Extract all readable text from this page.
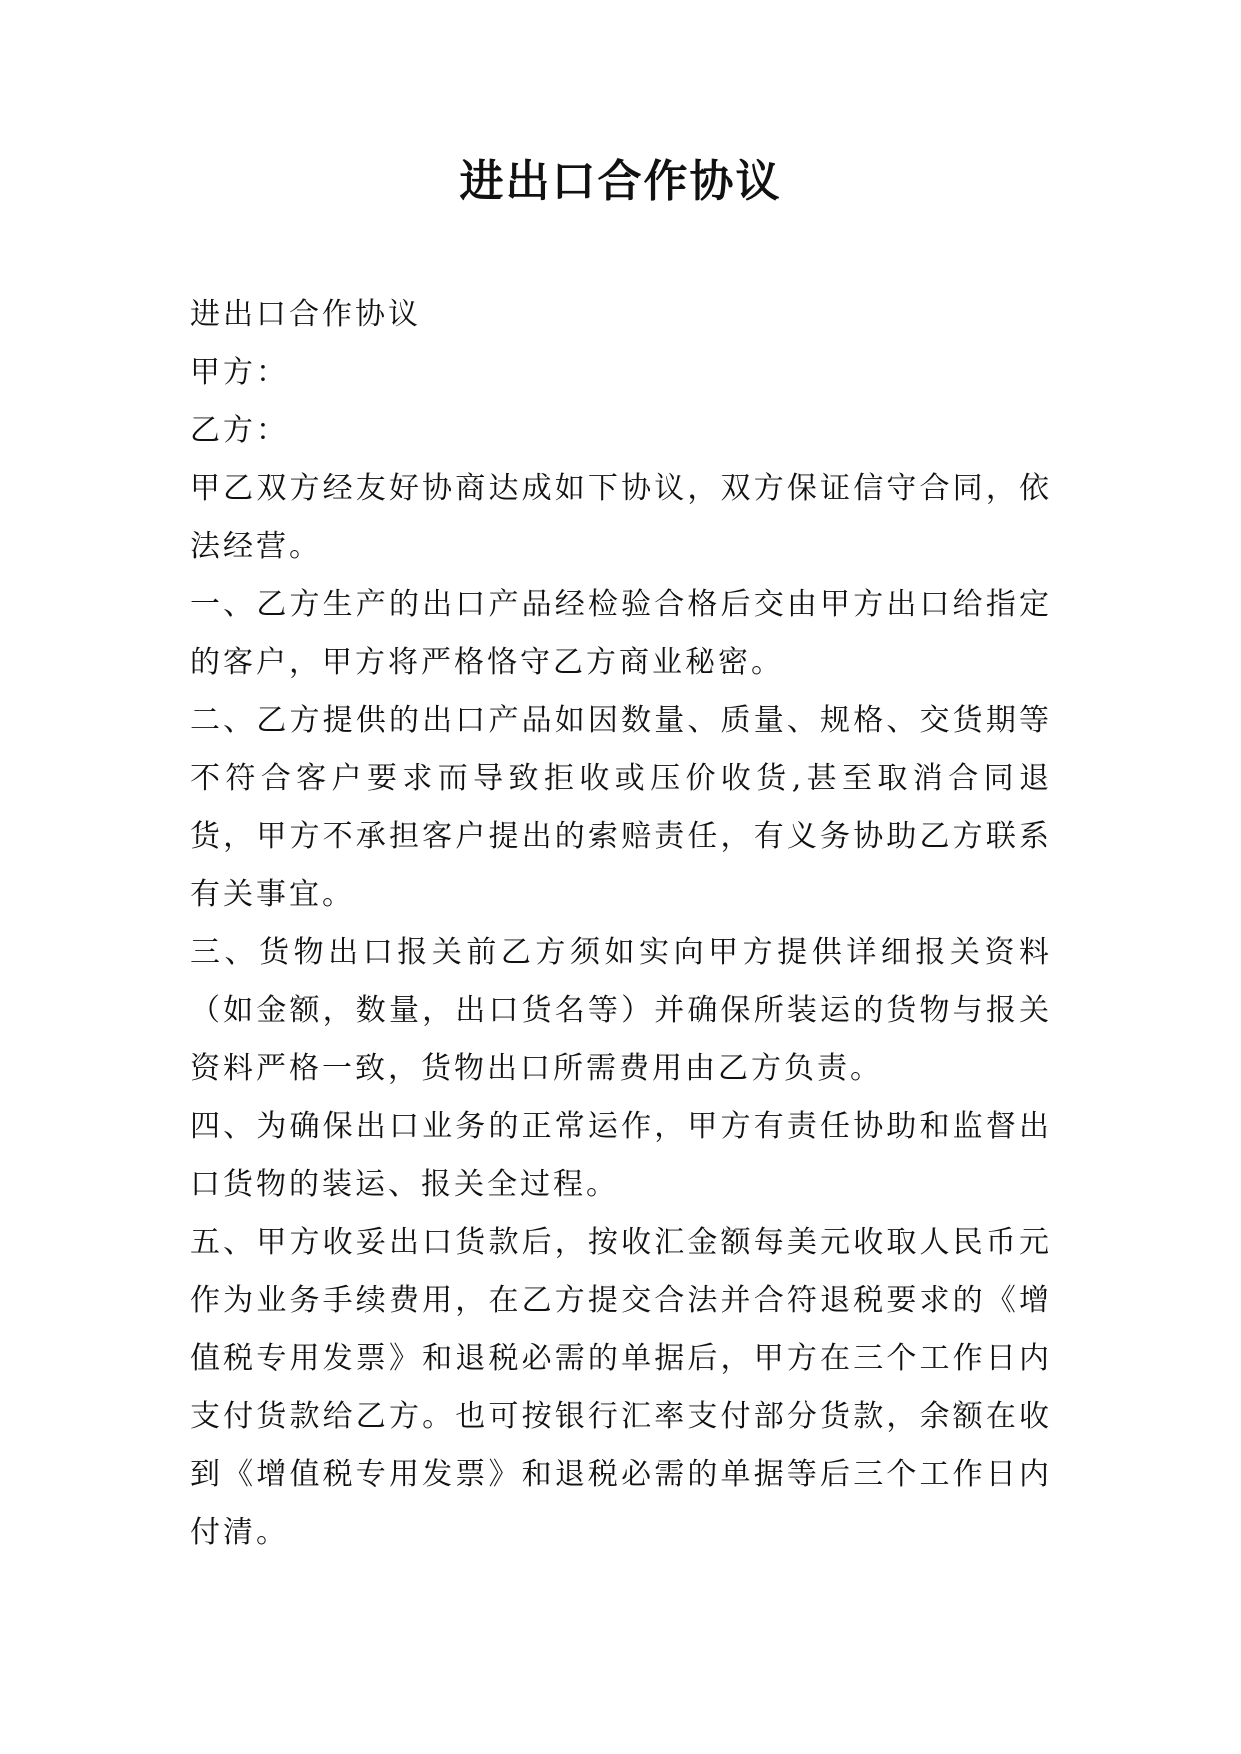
进出口合作协议

进出口合作协议

甲方：

乙方：

甲乙双方经友好协商达成如下协议，双方保证信守合同，依法经营。

一、乙方生产的出口产品经检验合格后交由甲方出口给指定的客户，甲方将严格恪守乙方商业秘密。

二、乙方提供的出口产品如因数量、质量、规格、交货期等不符合客户要求而导致拒收或压价收货,甚至取消合同退货，甲方不承担客户提出的索赔责任，有义务协助乙方联系有关事宜。

三、货物出口报关前乙方须如实向甲方提供详细报关资料（如金额，数量，出口货名等）并确保所装运的货物与报关资料严格一致，货物出口所需费用由乙方负责。

四、为确保出口业务的正常运作，甲方有责任协助和监督出口货物的装运、报关全过程。

五、甲方收妥出口货款后，按收汇金额每美元收取人民币元作为业务手续费用，在乙方提交合法并合符退税要求的《增值税专用发票》和退税必需的单据后，甲方在三个工作日内支付货款给乙方。也可按银行汇率支付部分货款，余额在收到《增值税专用发票》和退税必需的单据等后三个工作日内付清。
